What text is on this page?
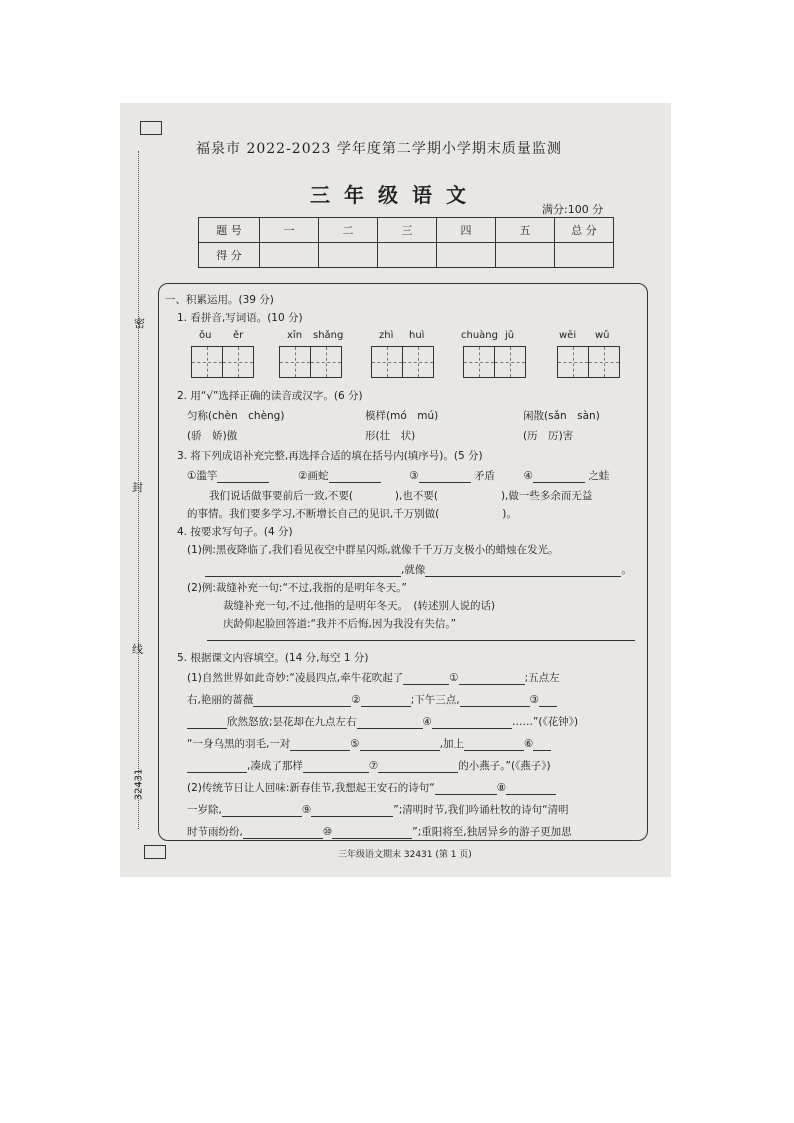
密
封
线
32431
福泉市 2022-2023 学年度第二学期小学期末质量监测
三年级语文
满分:100 分
题 号	一	二	三	四	五	总 分
得 分						
一、积累运用。(39 分)
1. 看拼音,写词语。(10 分)
ǒu ěr	xīn shǎng	zhì huì	chuàng jǔ	wēi wǔ
2. 用“√”选择正确的读音或汉字。(6 分)
匀称(chèn　chèng)	模样(mó　mú)	闲散(sǎn　sàn)
(骄　娇)傲	形(壮　状)	(历　厉)害
3. 将下列成语补充完整,再选择合适的填在括号内(填序号)。(5 分)
①滥竽	②画蛇	③	矛盾	④	之蛙
我们说话做事要前后一致,不要(　　　　),也不要(　　　　　　),做一些多余而无益
的事情。我们要多学习,不断增长自己的见识,千万别做(　　　　　　)。
4. 按要求写句子。(4 分)
(1)例:黑夜降临了,我们看见夜空中群星闪烁,就像千千万万支极小的蜡烛在发光。
,就像	。
(2)例:裁缝补充一句:“不过,我指的是明年冬天。”
裁缝补充一句,不过,他指的是明年冬天。　(转述别人说的话)
庆龄仰起脸回答道:“我并不后悔,因为我没有失信。”
5. 根据课文内容填空。(14 分,每空 1 分)
(1)自然世界如此奇妙:“凌晨四点,牵牛花吹起了	①	;五点左
右,艳丽的蔷薇	②	;下午三点,	③
欣然怒放;昙花却在九点左右	④	……”(《花钟》)
“一身乌黑的羽毛,一对	⑤	,加上	⑥
,凑成了那样	⑦	的小燕子。”(《燕子》)
(2)传统节日让人回味:新春佳节,我想起王安石的诗句“	⑧
一岁除,	⑨	”;清明时节,我们吟诵杜牧的诗句“清明
时节雨纷纷,	⑩	”;重阳将至,独居异乡的游子更加思
三年级语文期末 32431 (第 1 页)
